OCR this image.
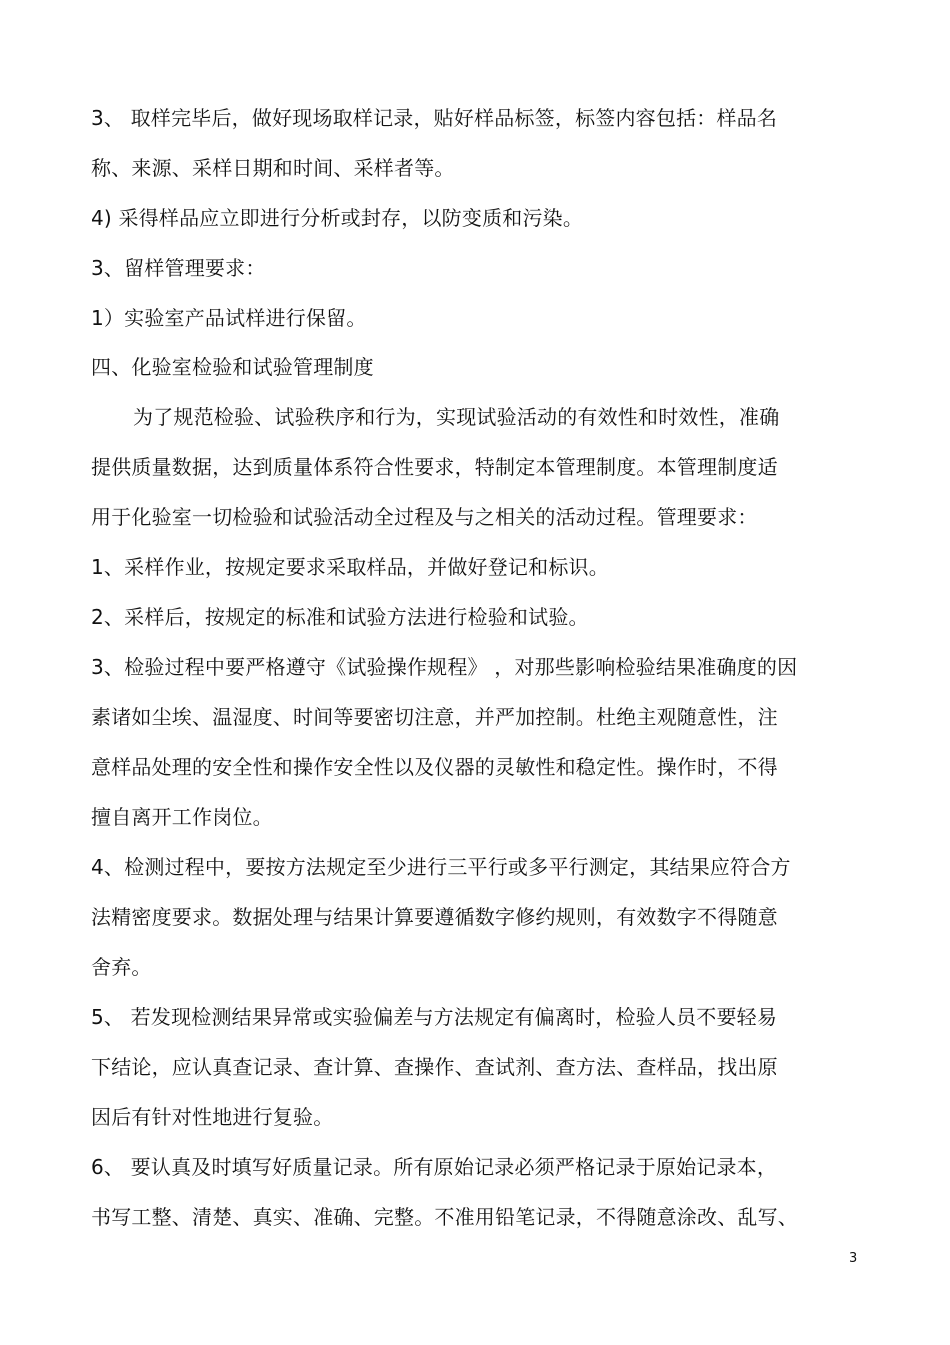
3、 取样完毕后，做好现场取样记录，贴好样品标签，标签内容包括：样品名
称、来源、采样日期和时间、采样者等。
4) 采得样品应立即进行分析或封存，以防变质和污染。
3、留样管理要求：
1）实验室产品试样进行保留。
四、化验室检验和试验管理制度
为了规范检验、试验秩序和行为，实现试验活动的有效性和时效性，准确
提供质量数据，达到质量体系符合性要求，特制定本管理制度。本管理制度适
用于化验室一切检验和试验活动全过程及与之相关的活动过程。管理要求：
1、采样作业，按规定要求采取样品，并做好登记和标识。
2、采样后，按规定的标准和试验方法进行检验和试验。
3、检验过程中要严格遵守《试验操作规程》 ，对那些影响检验结果准确度的因
素诸如尘埃、温湿度、时间等要密切注意，并严加控制。杜绝主观随意性，注
意样品处理的安全性和操作安全性以及仪器的灵敏性和稳定性。操作时，不得
擅自离开工作岗位。
4、检测过程中，要按方法规定至少进行三平行或多平行测定，其结果应符合方
法精密度要求。数据处理与结果计算要遵循数字修约规则，有效数字不得随意
舍弃。
5、 若发现检测结果异常或实验偏差与方法规定有偏离时，检验人员不要轻易
下结论，应认真查记录、查计算、查操作、查试剂、查方法、查样品，找出原
因后有针对性地进行复验。
6、 要认真及时填写好质量记录。所有原始记录必须严格记录于原始记录本，
书写工整、清楚、真实、准确、完整。不准用铅笔记录，不得随意涂改、乱写、
3
